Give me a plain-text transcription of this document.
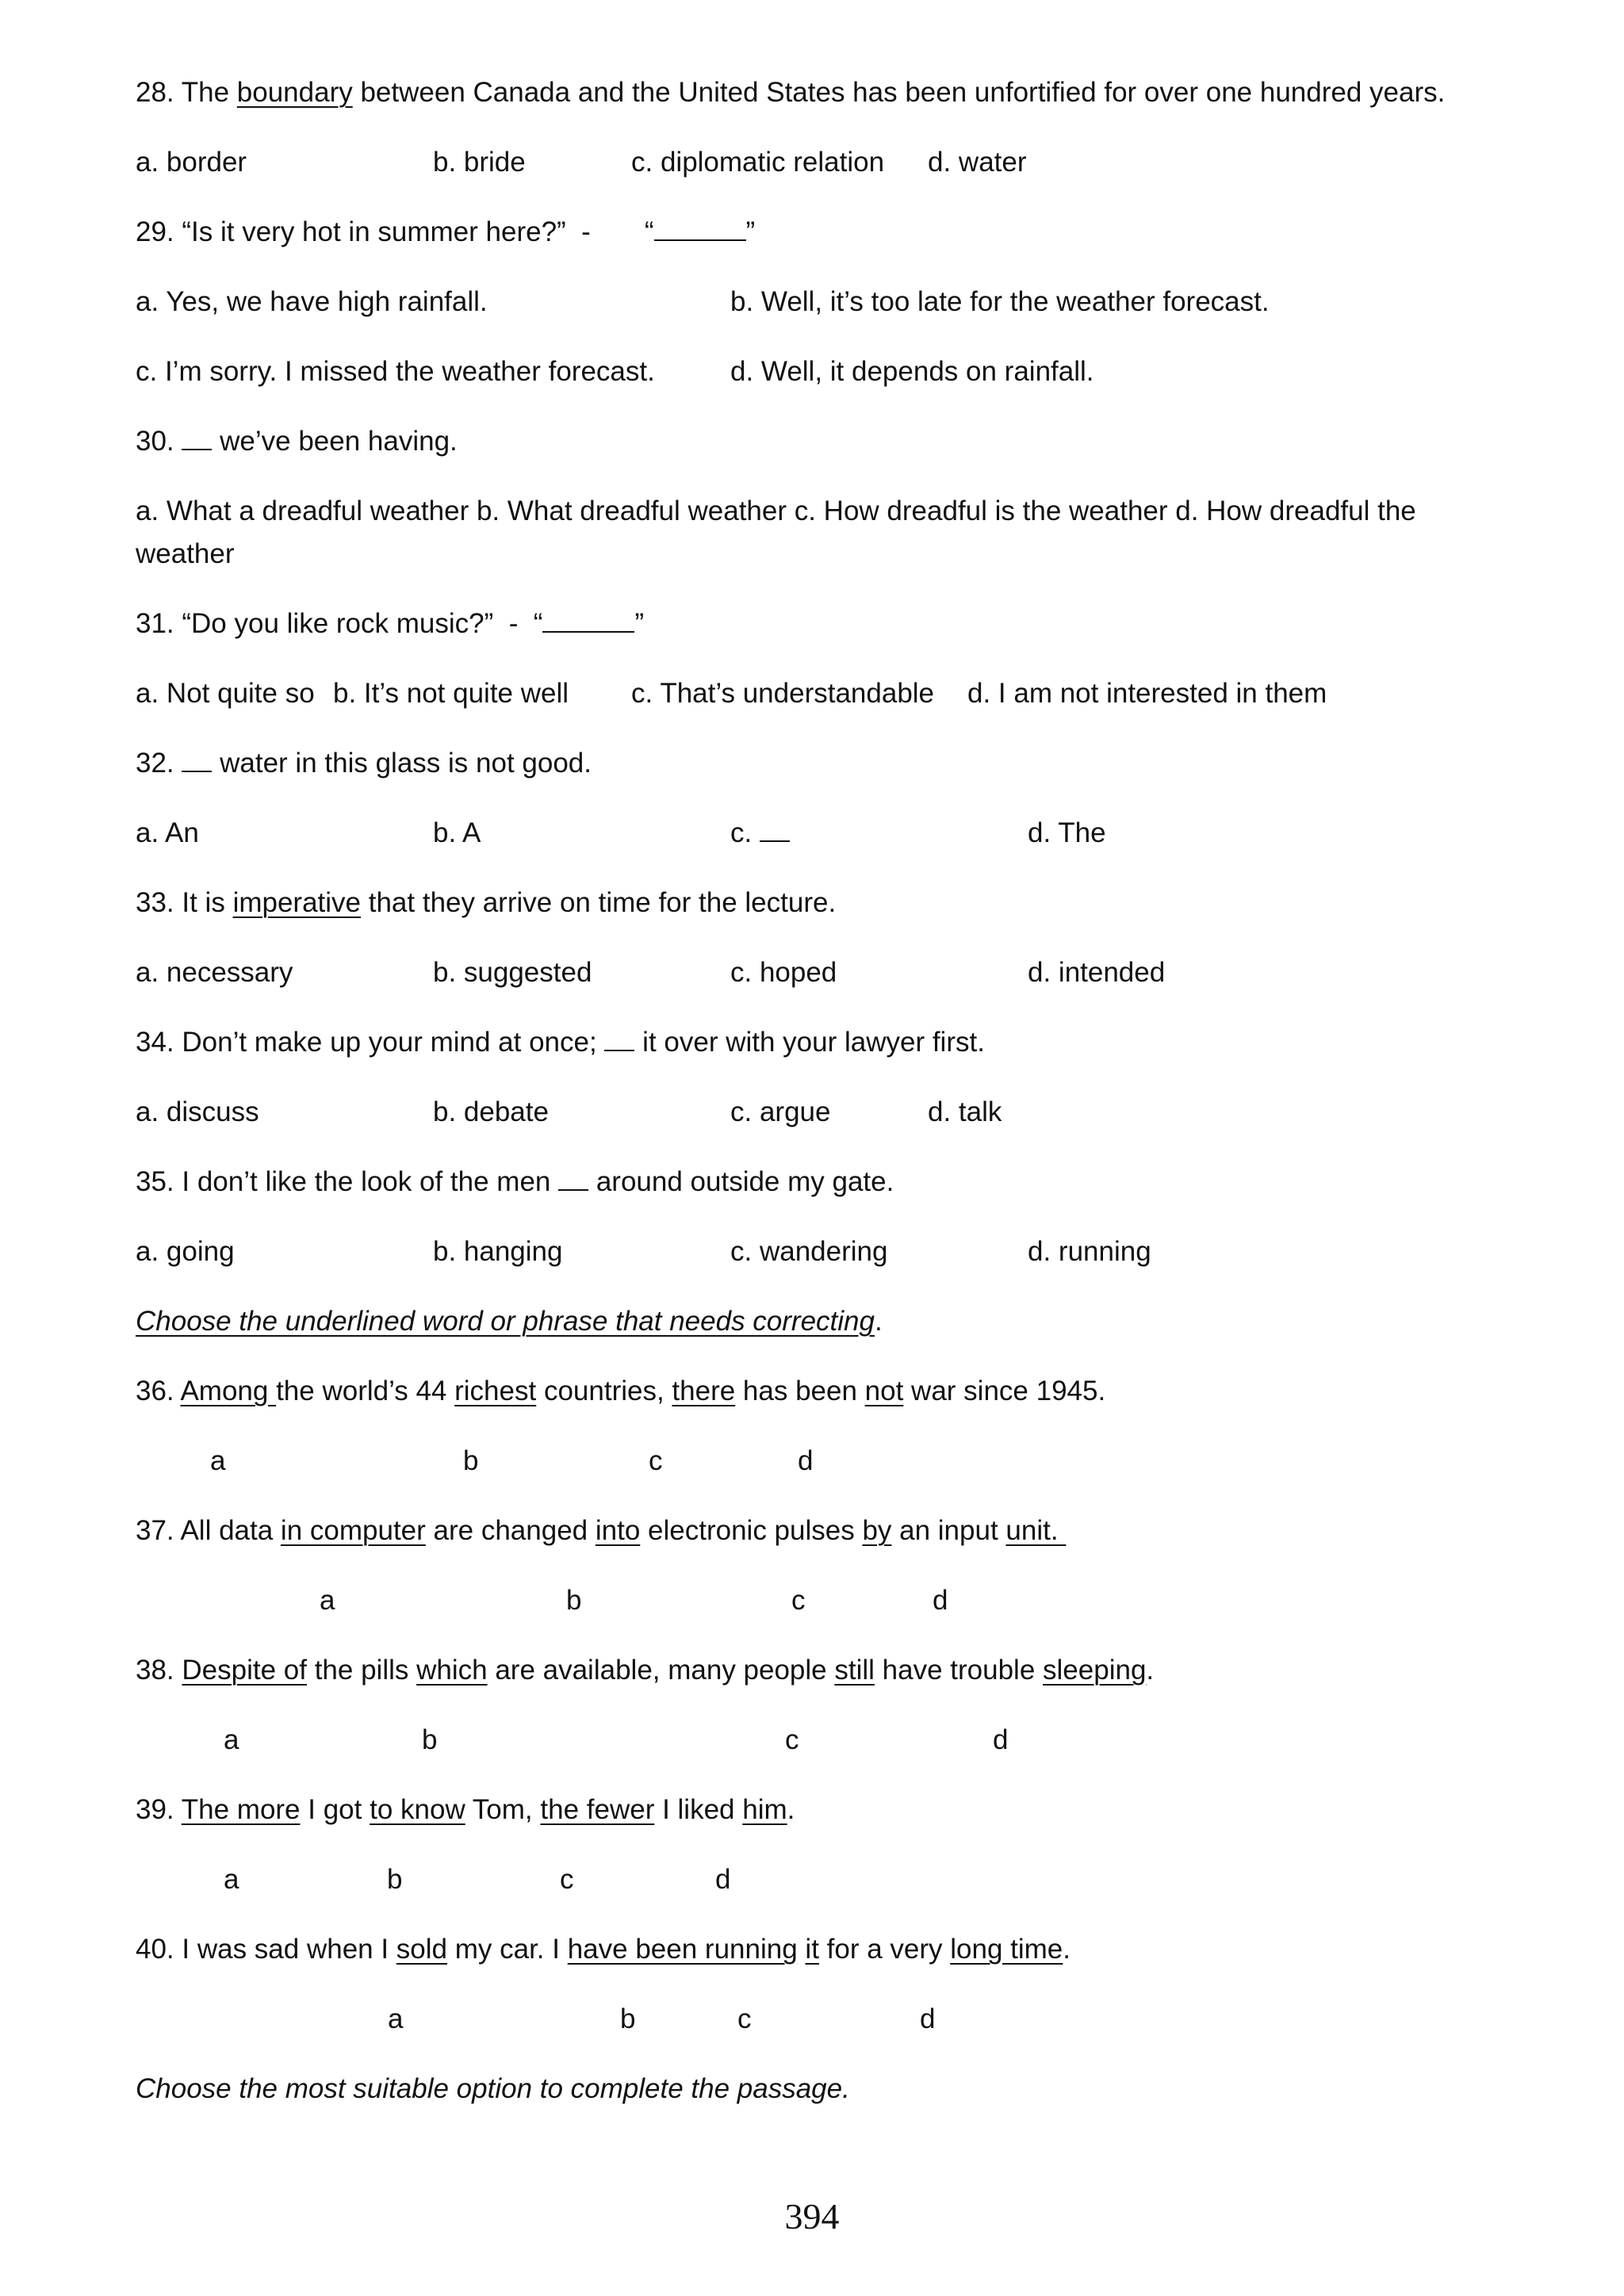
28. The boundary between Canada and the United States has been unfortified for over one hundred years.
a. border	b. bride	c. diplomatic relation d. water
29. “Is it very hot in summer here?”  -       “	”
a. Yes, we have high rainfall.	b. Well, it’s too late for the weather forecast.
c. I’m sorry. I missed the weather forecast.	d. Well, it depends on rainfall.
30.  we’ve been having.
a. What a dreadful weather b. What dreadful weather c. How dreadful is the weather d. How dreadful the weather
31. “Do you like rock music?”  -  “	”
a. Not quite so b. It’s not quite well c. That’s understandable d. I am not interested in them
32.  water in this glass is not good.
a. An	b. A	c.	d. The
33. It is imperative that they arrive on time for the lecture.
a. necessary	b. suggested	c. hoped	d. intended
34. Don’t make up your mind at once;  it over with your lawyer first.
a. discuss	b. debate	c. argue	d. talk
35. I don’t like the look of the men  around outside my gate.
a. going	b. hanging	c. wandering	d. running
Choose the underlined word or phrase that needs correcting.
36. Among the world’s 44 richest countries, there has been not war since 1945.
a	b	c	d
37. All data in computer are changed into electronic pulses by an input unit.
a	b	c	d
38. Despite of the pills which are available, many people still have trouble sleeping.
a	b	c	d
39. The more I got to know Tom, the fewer I liked him.
a	b	c	d
40. I was sad when I sold my car. I have been running it for a very long time.
a	b	c	d
Choose the most suitable option to complete the passage.
394
